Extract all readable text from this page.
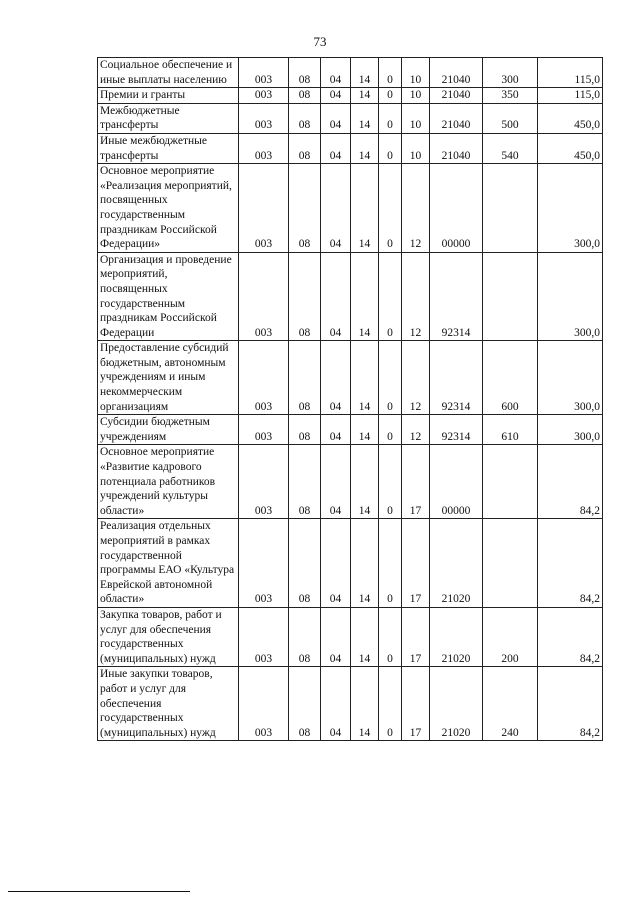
73
Социальное обеспечение и иные выплаты населению	003	08	04	14	0	10	21040	300	115,0
Премии и гранты	003	08	04	14	0	10	21040	350	115,0
Межбюджетные трансферты	003	08	04	14	0	10	21040	500	450,0
Иные межбюджетные трансферты	003	08	04	14	0	10	21040	540	450,0
Основное мероприятие «Реализация мероприятий, посвященных государственным праздникам Российской Федерации»	003	08	04	14	0	12	00000		300,0
Организация и проведение мероприятий, посвященных государственным праздникам Российской Федерации	003	08	04	14	0	12	92314		300,0
Предоставление субсидий бюджетным, автономным учреждениям и иным некоммерческим организациям	003	08	04	14	0	12	92314	600	300,0
Субсидии бюджетным учреждениям	003	08	04	14	0	12	92314	610	300,0
Основное мероприятие «Развитие кадрового потенциала работников учреждений культуры области»	003	08	04	14	0	17	00000		84,2
Реализация отдельных мероприятий в рамках государственной программы ЕАО «Культура Еврейской автономной области»	003	08	04	14	0	17	21020		84,2
Закупка товаров, работ и услуг для обеспечения государственных (муниципальных) нужд	003	08	04	14	0	17	21020	200	84,2
Иные закупки товаров, работ и услуг для обеспечения государственных (муниципальных) нужд	003	08	04	14	0	17	21020	240	84,2
